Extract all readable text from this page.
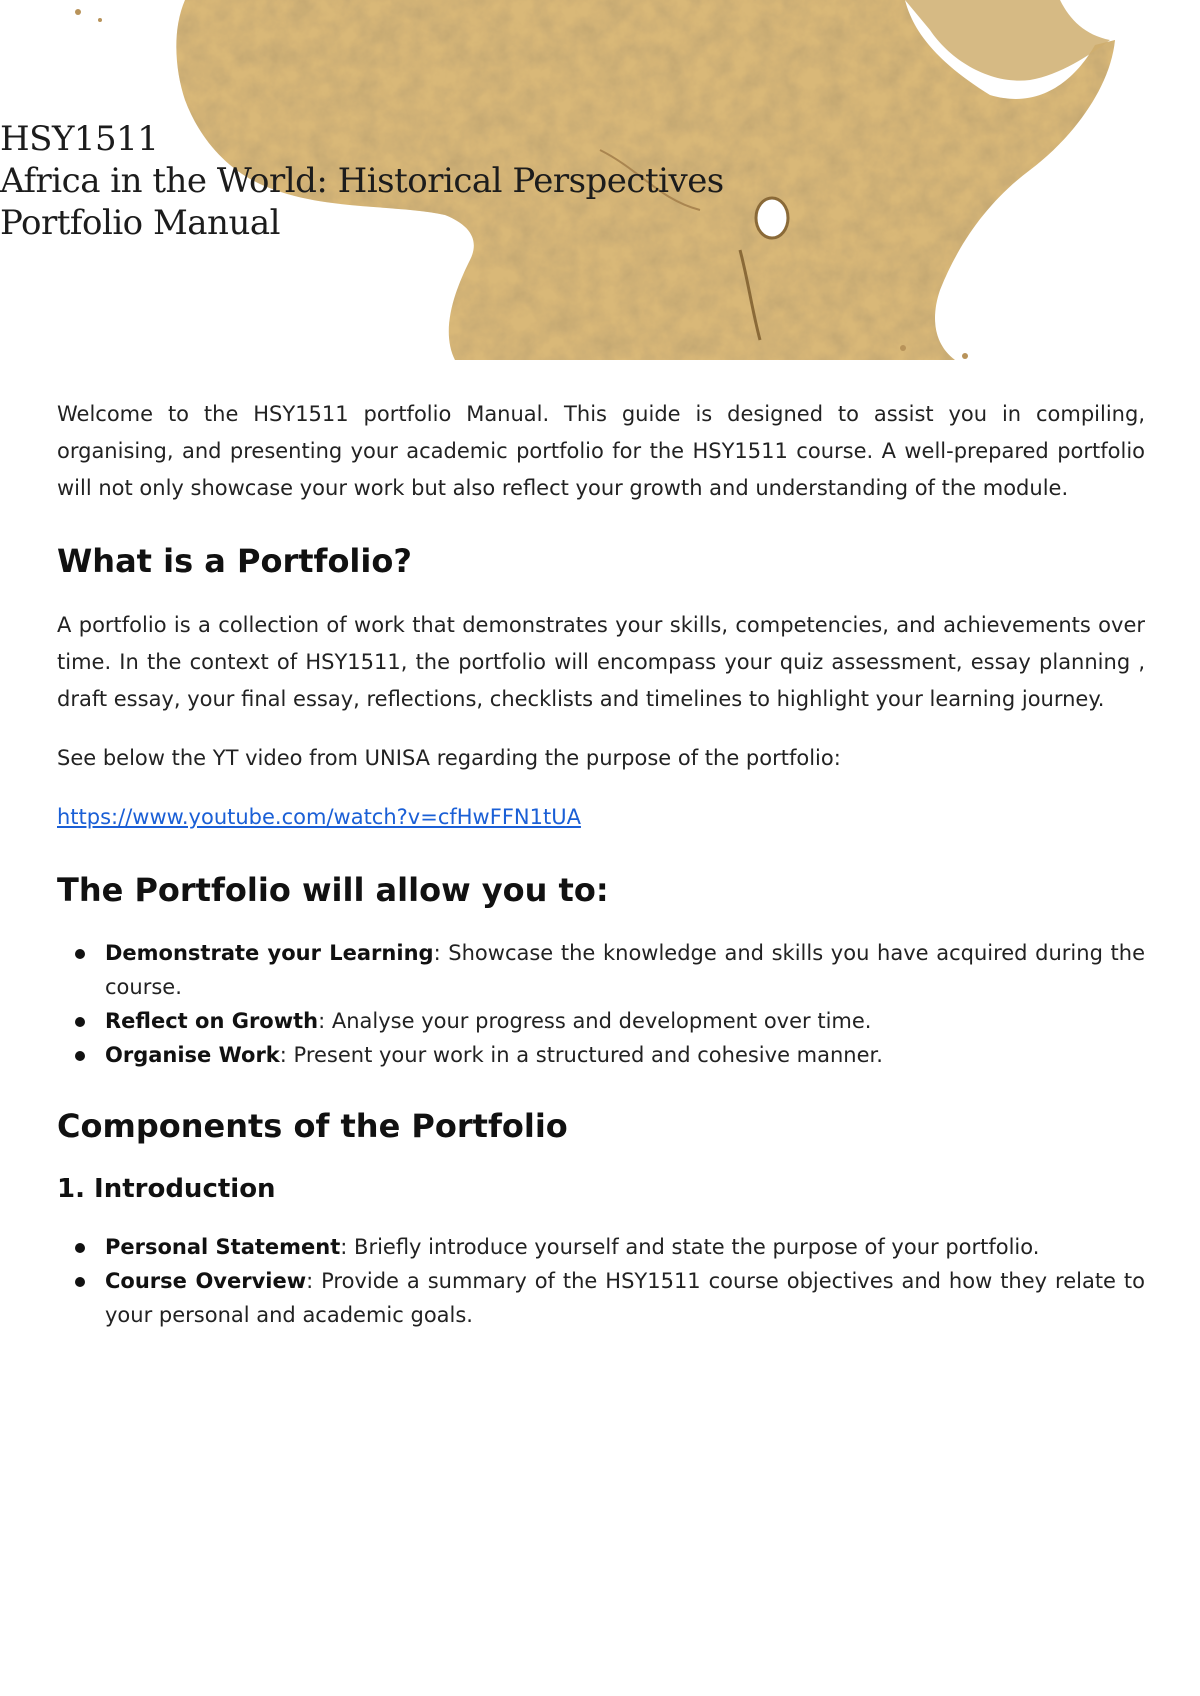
HSY1511
Africa in the World: Historical Perspectives
Portfolio Manual

Welcome to the HSY1511 portfolio Manual. This guide is designed to assist you in compiling, organising, and presenting your academic portfolio for the HSY1511 course. A well-prepared portfolio will not only showcase your work but also reflect your growth and understanding of the module.

What is a Portfolio?

A portfolio is a collection of work that demonstrates your skills, competencies, and achievements over time. In the context of HSY1511, the portfolio will encompass your quiz assessment, essay planning , draft essay, your final essay, reflections, checklists and timelines to highlight your learning journey.

See below the YT video from UNISA regarding the purpose of the portfolio:

https://www.youtube.com/watch?v=cfHwFFN1tUA

The Portfolio will allow you to:
Demonstrate your Learning: Showcase the knowledge and skills you have acquired during the course.
Reflect on Growth: Analyse your progress and development over time.
Organise Work: Present your work in a structured and cohesive manner.
Components of the Portfolio
1. Introduction
Personal Statement: Briefly introduce yourself and state the purpose of your portfolio.
Course Overview: Provide a summary of the HSY1511 course objectives and how they relate to your personal and academic goals.
